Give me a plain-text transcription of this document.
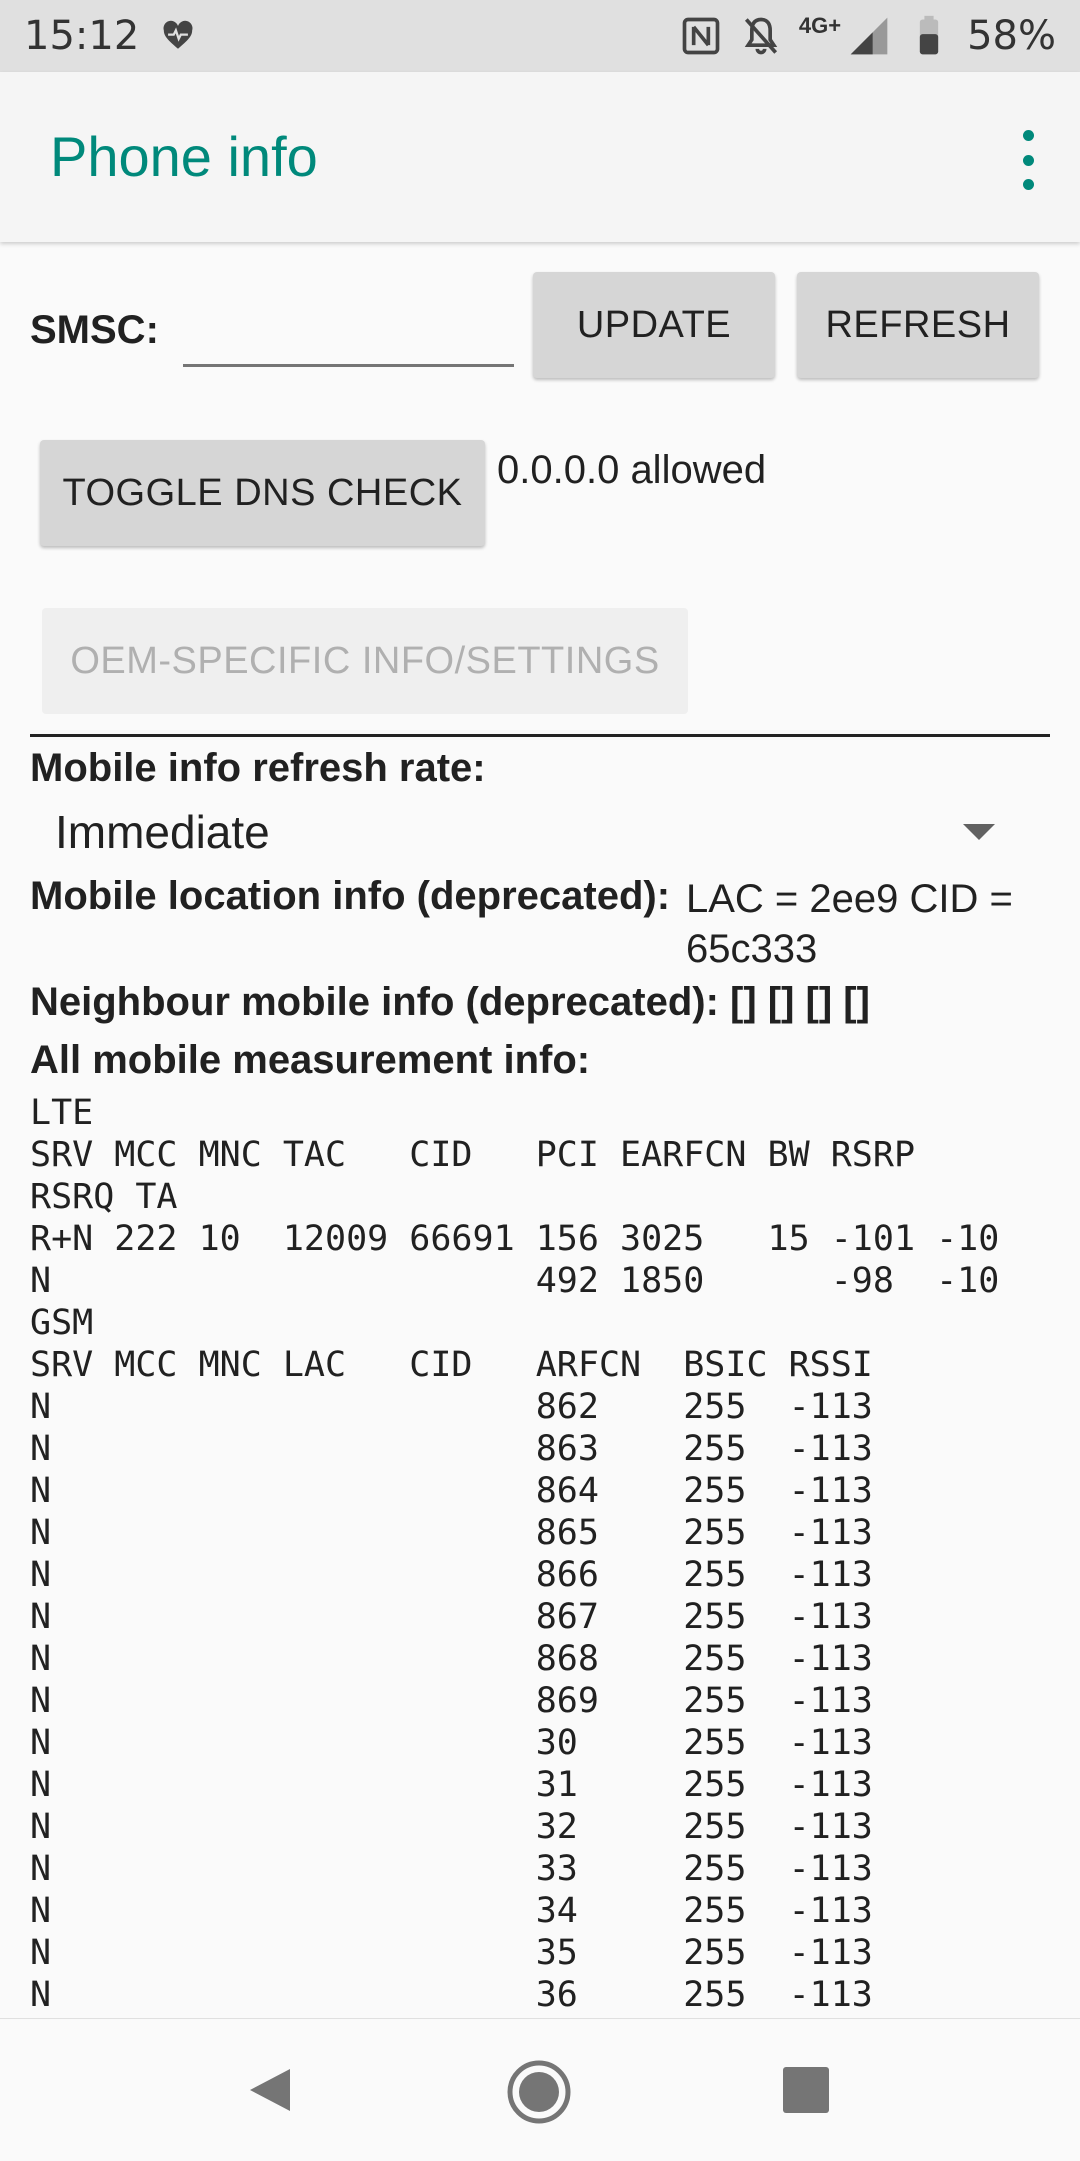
15:12	4G+	58%
Phone info
SMSC:	UPDATE	REFRESH
TOGGLE DNS CHECK
0.0.0.0 allowed
OEM-SPECIFIC INFO/SETTINGS
Mobile info refresh rate:
Immediate
Mobile location info (deprecated): LAC = 2ee9 CID = 65c333
Neighbour mobile info (deprecated): [] [] [] []
All mobile measurement info:
LTE
SRV MCC MNC TAC   CID   PCI EARFCN BW RSRP
RSRQ TA
R+N 222 10  12009 66691 156 3025   15 -101 -10
N                       492 1850      -98  -10
GSM
SRV MCC MNC LAC   CID   ARFCN  BSIC RSSI
N                       862    255  -113
N                       863    255  -113
N                       864    255  -113
N                       865    255  -113
N                       866    255  -113
N                       867    255  -113
N                       868    255  -113
N                       869    255  -113
N                       30     255  -113
N                       31     255  -113
N                       32     255  -113
N                       33     255  -113
N                       34     255  -113
N                       35     255  -113
N                       36     255  -113
